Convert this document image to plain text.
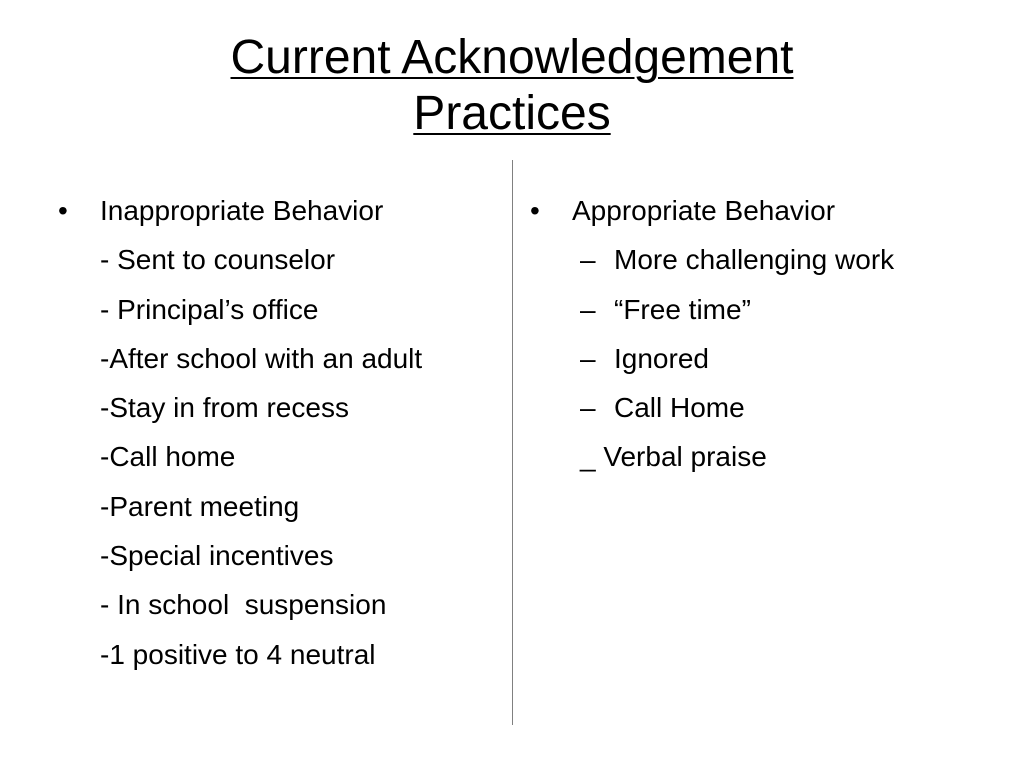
Current Acknowledgement
Practices
• Inappropriate Behavior
- Sent to counselor
- Principal’s office
-After school with an adult
-Stay in from recess
-Call home
-Parent meeting
-Special incentives
- In school  suspension
-1 positive to 4 neutral
• Appropriate Behavior
– More challenging work
– “Free time”
– Ignored
– Call Home
_ Verbal praise
